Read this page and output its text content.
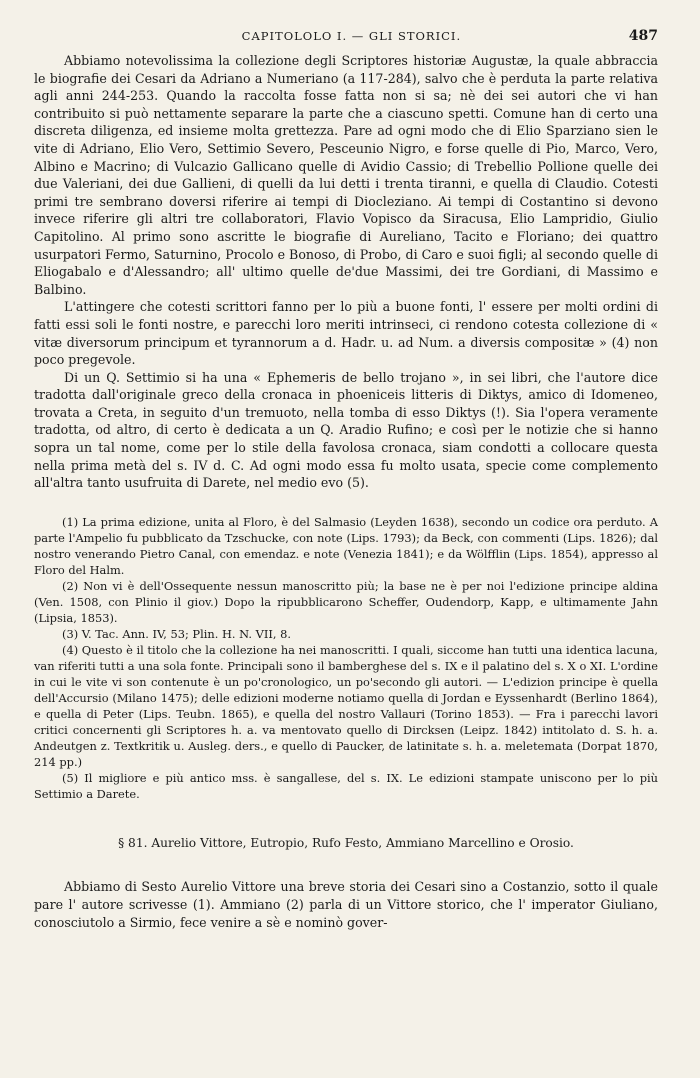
CAPITOLOLO I. — GLI STORICI.	487

Abbiamo notevolissima la collezione degli Scriptores historiæ Augustæ, la quale abbraccia le biografie dei Cesari da Adriano a Numeriano (a 117-284), salvo che è perduta la parte relativa agli anni 244-253. Quando la raccolta fosse fatta non si sa; nè dei sei autori che vi han contribuito si può nettamente separare la parte che a ciascuno spetti. Comune han di certo una discreta diligenza, ed insieme molta grettezza. Pare ad ogni modo che di Elio Sparziano sien le vite di Adriano, Elio Vero, Settimio Severo, Pesceunio Nigro, e forse quelle di Pio, Marco, Vero, Albino e Macrino; di Vulcazio Gallicano quelle di Avidio Cassio; di Trebellio Pollione quelle dei due Valeriani, dei due Gallieni, di quelli da lui detti i trenta tiranni, e quella di Claudio. Cotesti primi tre sembrano doversi riferire ai tempi di Diocleziano. Ai tempi di Costantino si devono invece riferire gli altri tre collaboratori, Flavio Vopisco da Siracusa, Elio Lampridio, Giulio Capitolino. Al primo sono ascritte le biografie di Aureliano, Tacito e Floriano; dei quattro usurpatori Fermo, Saturnino, Procolo e Bonoso, di Probo, di Caro e suoi figli; al secondo quelle di Eliogabalo e d'Alessandro; all' ultimo quelle de'due Massimi, dei tre Gordiani, di Massimo e Balbino.

L'attingere che cotesti scrittori fanno per lo più a buone fonti, l' essere per molti ordini di fatti essi soli le fonti nostre, e parecchi loro meriti intrinseci, ci rendono cotesta collezione di « vitæ diversorum principum et tyrannorum a d. Hadr. u. ad Num. a diversis compositæ » (4) non poco pregevole.

Di un Q. Settimio si ha una « Ephemeris de bello trojano », in sei libri, che l'autore dice tradotta dall'originale greco della cronaca in phoeniceis litteris di Diktys, amico di Idomeneo, trovata a Creta, in seguito d'un tremuoto, nella tomba di esso Diktys (!). Sia l'opera veramente tradotta, od altro, di certo è dedicata a un Q. Aradio Rufino; e così per le notizie che si hanno sopra un tal nome, come per lo stile della favolosa cronaca, siam condotti a collocare questa nella prima metà del s. IV d. C. Ad ogni modo essa fu molto usata, specie come complemento all'altra tanto usufruita di Darete, nel medio evo (5).

(1) La prima edizione, unita al Floro, è del Salmasio (Leyden 1638), secondo un codice ora perduto. A parte l'Ampelio fu pubblicato da Tzschucke, con note (Lips. 1793); da Beck, con commenti (Lips. 1826); dal nostro venerando Pietro Canal, con emendaz. e note (Venezia 1841); e da Wölfflin (Lips. 1854), appresso al Floro del Halm.

(2) Non vi è dell'Ossequente nessun manoscritto più; la base ne è per noi l'edizione principe aldina (Ven. 1508, con Plinio il giov.) Dopo la ripubblicarono Scheffer, Oudendorp, Kapp, e ultimamente Jahn (Lipsia, 1853).

(3) V. Tac. Ann. IV, 53; Plin. H. N. VII, 8.

(4) Questo è il titolo che la collezione ha nei manoscritti. I quali, siccome han tutti una identica lacuna, van riferiti tutti a una sola fonte. Principali sono il bamberghese del s. IX e il palatino del s. X o XI. L'ordine in cui le vite vi son contenute è un po'cronologico, un po'secondo gli autori. — L'edizion principe è quella dell'Accursio (Milano 1475); delle edizioni moderne notiamo quella di Jordan e Eyssenhardt (Berlino 1864), e quella di Peter (Lips. Teubn. 1865), e quella del nostro Vallauri (Torino 1853). — Fra i parecchi lavori critici concernenti gli Scriptores h. a. va mentovato quello di Dircksen (Leipz. 1842) intitolato d. S. h. a. Andeutgen z. Textkritik u. Ausleg. ders., e quello di Paucker, de latinitate s. h. a. meletemata (Dorpat 1870, 214 pp.)

(5) Il migliore e più antico mss. è sangallese, del s. IX. Le edizioni stampate uniscono per lo più Settimio a Darete.

§ 81. Aurelio Vittore, Eutropio, Rufo Festo, Ammiano Marcellino e Orosio.

Abbiamo di Sesto Aurelio Vittore una breve storia dei Cesari sino a Costanzio, sotto il quale pare l' autore scrivesse (1). Ammiano (2) parla di un Vittore storico, che l' imperator Giuliano, conosciutolo a Sirmio, fece venire a sè e nominò gover-
